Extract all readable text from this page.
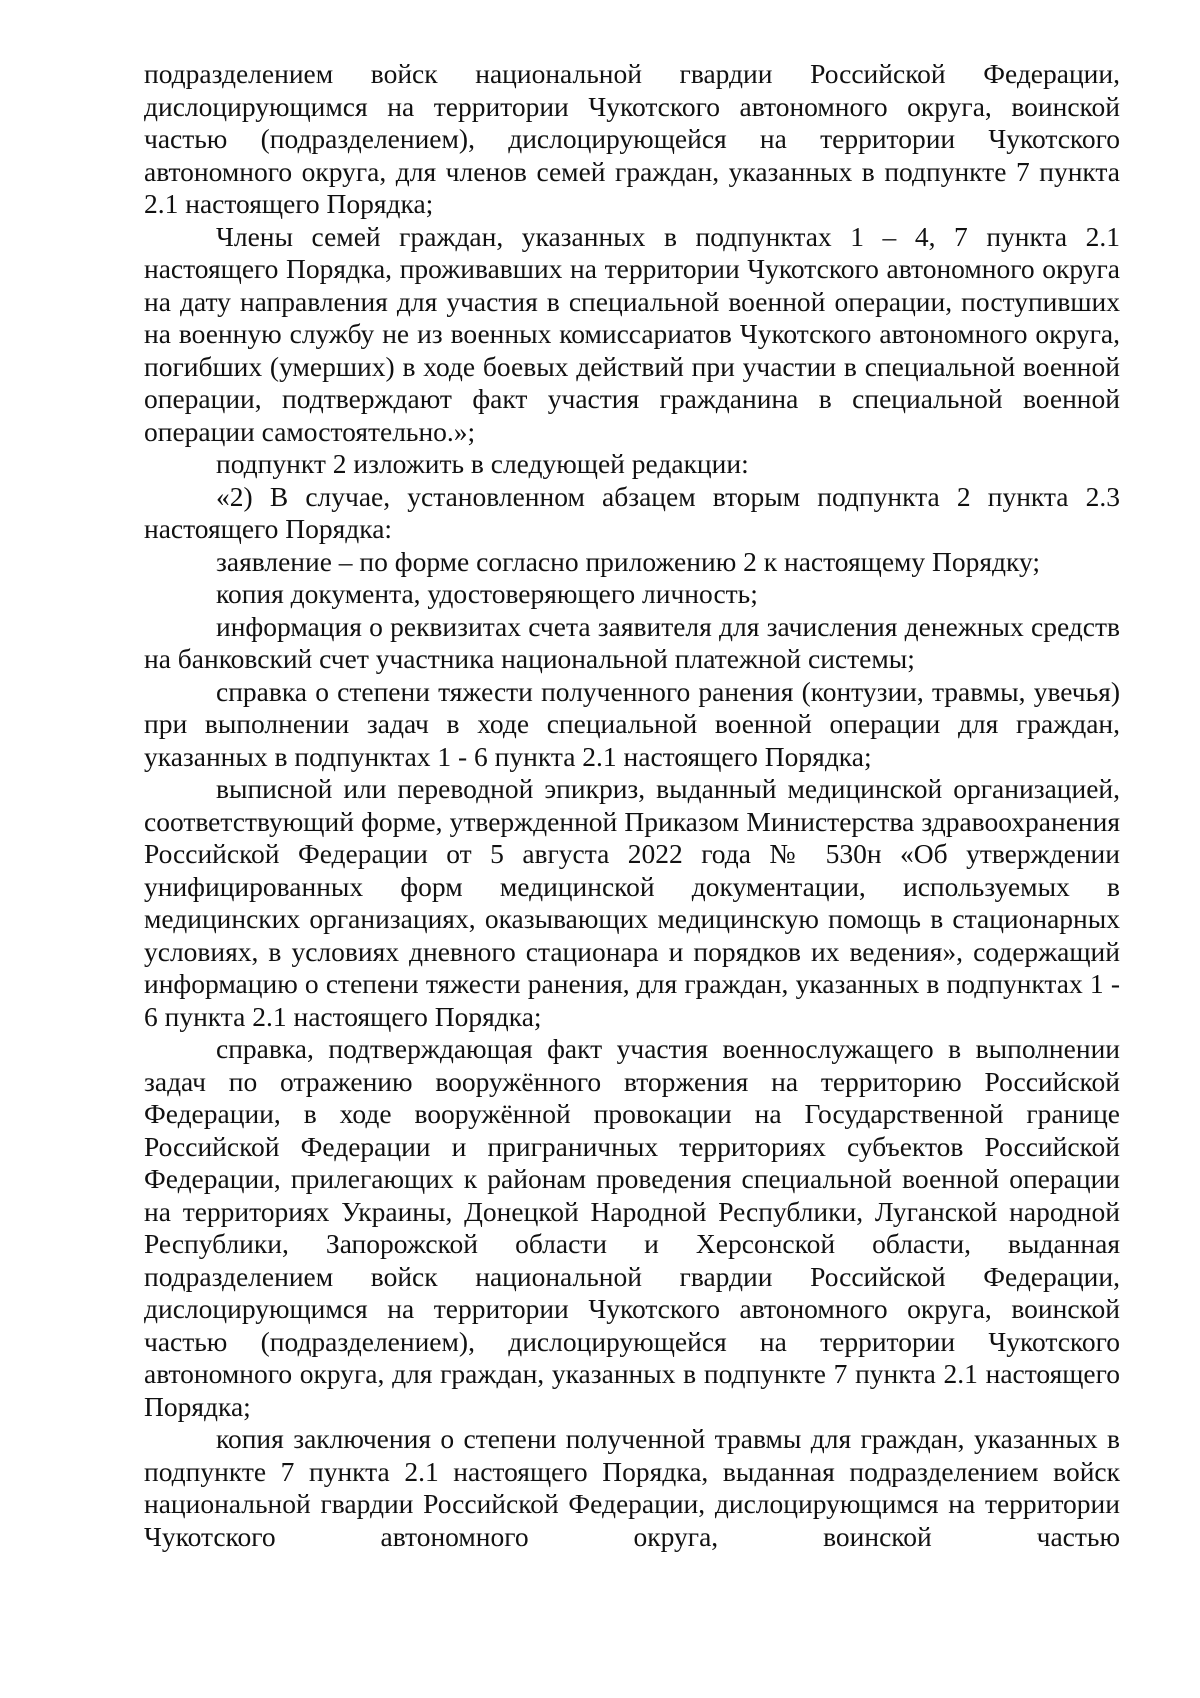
подразделением войск национальной гвардии Российской Федерации, дислоцирующимся на территории Чукотского автономного округа, воинской частью (подразделением), дислоцирующейся на территории Чукотского автономного округа, для членов семей граждан, указанных в подпункте 7 пункта 2.1 настоящего Порядка;

Члены семей граждан, указанных в подпунктах 1 – 4, 7 пункта 2.1 настоящего Порядка, проживавших на территории Чукотского автономного округа на дату направления для участия в специальной военной операции, поступивших на военную службу не из военных комиссариатов Чукотского автономного округа, погибших (умерших) в ходе боевых действий при участии в специальной военной операции, подтверждают факт участия гражданина в специальной военной операции самостоятельно.»;

подпункт 2 изложить в следующей редакции:

«2) В случае, установленном абзацем вторым подпункта 2 пункта 2.3 настоящего Порядка:

заявление – по форме согласно приложению 2 к настоящему Порядку;

копия документа, удостоверяющего личность;

информация о реквизитах счета заявителя для зачисления денежных средств на банковский счет участника национальной платежной системы;

справка о степени тяжести полученного ранения (контузии, травмы, увечья) при выполнении задач в ходе специальной военной операции для граждан, указанных в подпунктах 1 - 6 пункта 2.1 настоящего Порядка;

выписной или переводной эпикриз, выданный медицинской организацией, соответствующий форме, утвержденной Приказом Министерства здравоохранения Российской Федерации от 5 августа 2022 года № 530н «Об утверждении унифицированных форм медицинской документации, используемых в медицинских организациях, оказывающих медицинскую помощь в стационарных условиях, в условиях дневного стационара и порядков их ведения», содержащий информацию о степени тяжести ранения, для граждан, указанных в подпунктах 1 - 6 пункта 2.1 настоящего Порядка;

справка, подтверждающая факт участия военнослужащего в выполнении задач по отражению вооружённого вторжения на территорию Российской Федерации, в ходе вооружённой провокации на Государственной границе Российской Федерации и приграничных территориях субъектов Российской Федерации, прилегающих к районам проведения специальной военной операции на территориях Украины, Донецкой Народной Республики, Луганской народной Республики, Запорожской области и Херсонской области, выданная подразделением войск национальной гвардии Российской Федерации, дислоцирующимся на территории Чукотского автономного округа, воинской частью (подразделением), дислоцирующейся на территории Чукотского автономного округа, для граждан, указанных в подпункте 7 пункта 2.1 настоящего Порядка;

копия заключения о степени полученной травмы для граждан, указанных в подпункте 7 пункта 2.1 настоящего Порядка, выданная подразделением войск национальной гвардии Российской Федерации, дислоцирующимся на территории Чукотского автономного округа, воинской частью
